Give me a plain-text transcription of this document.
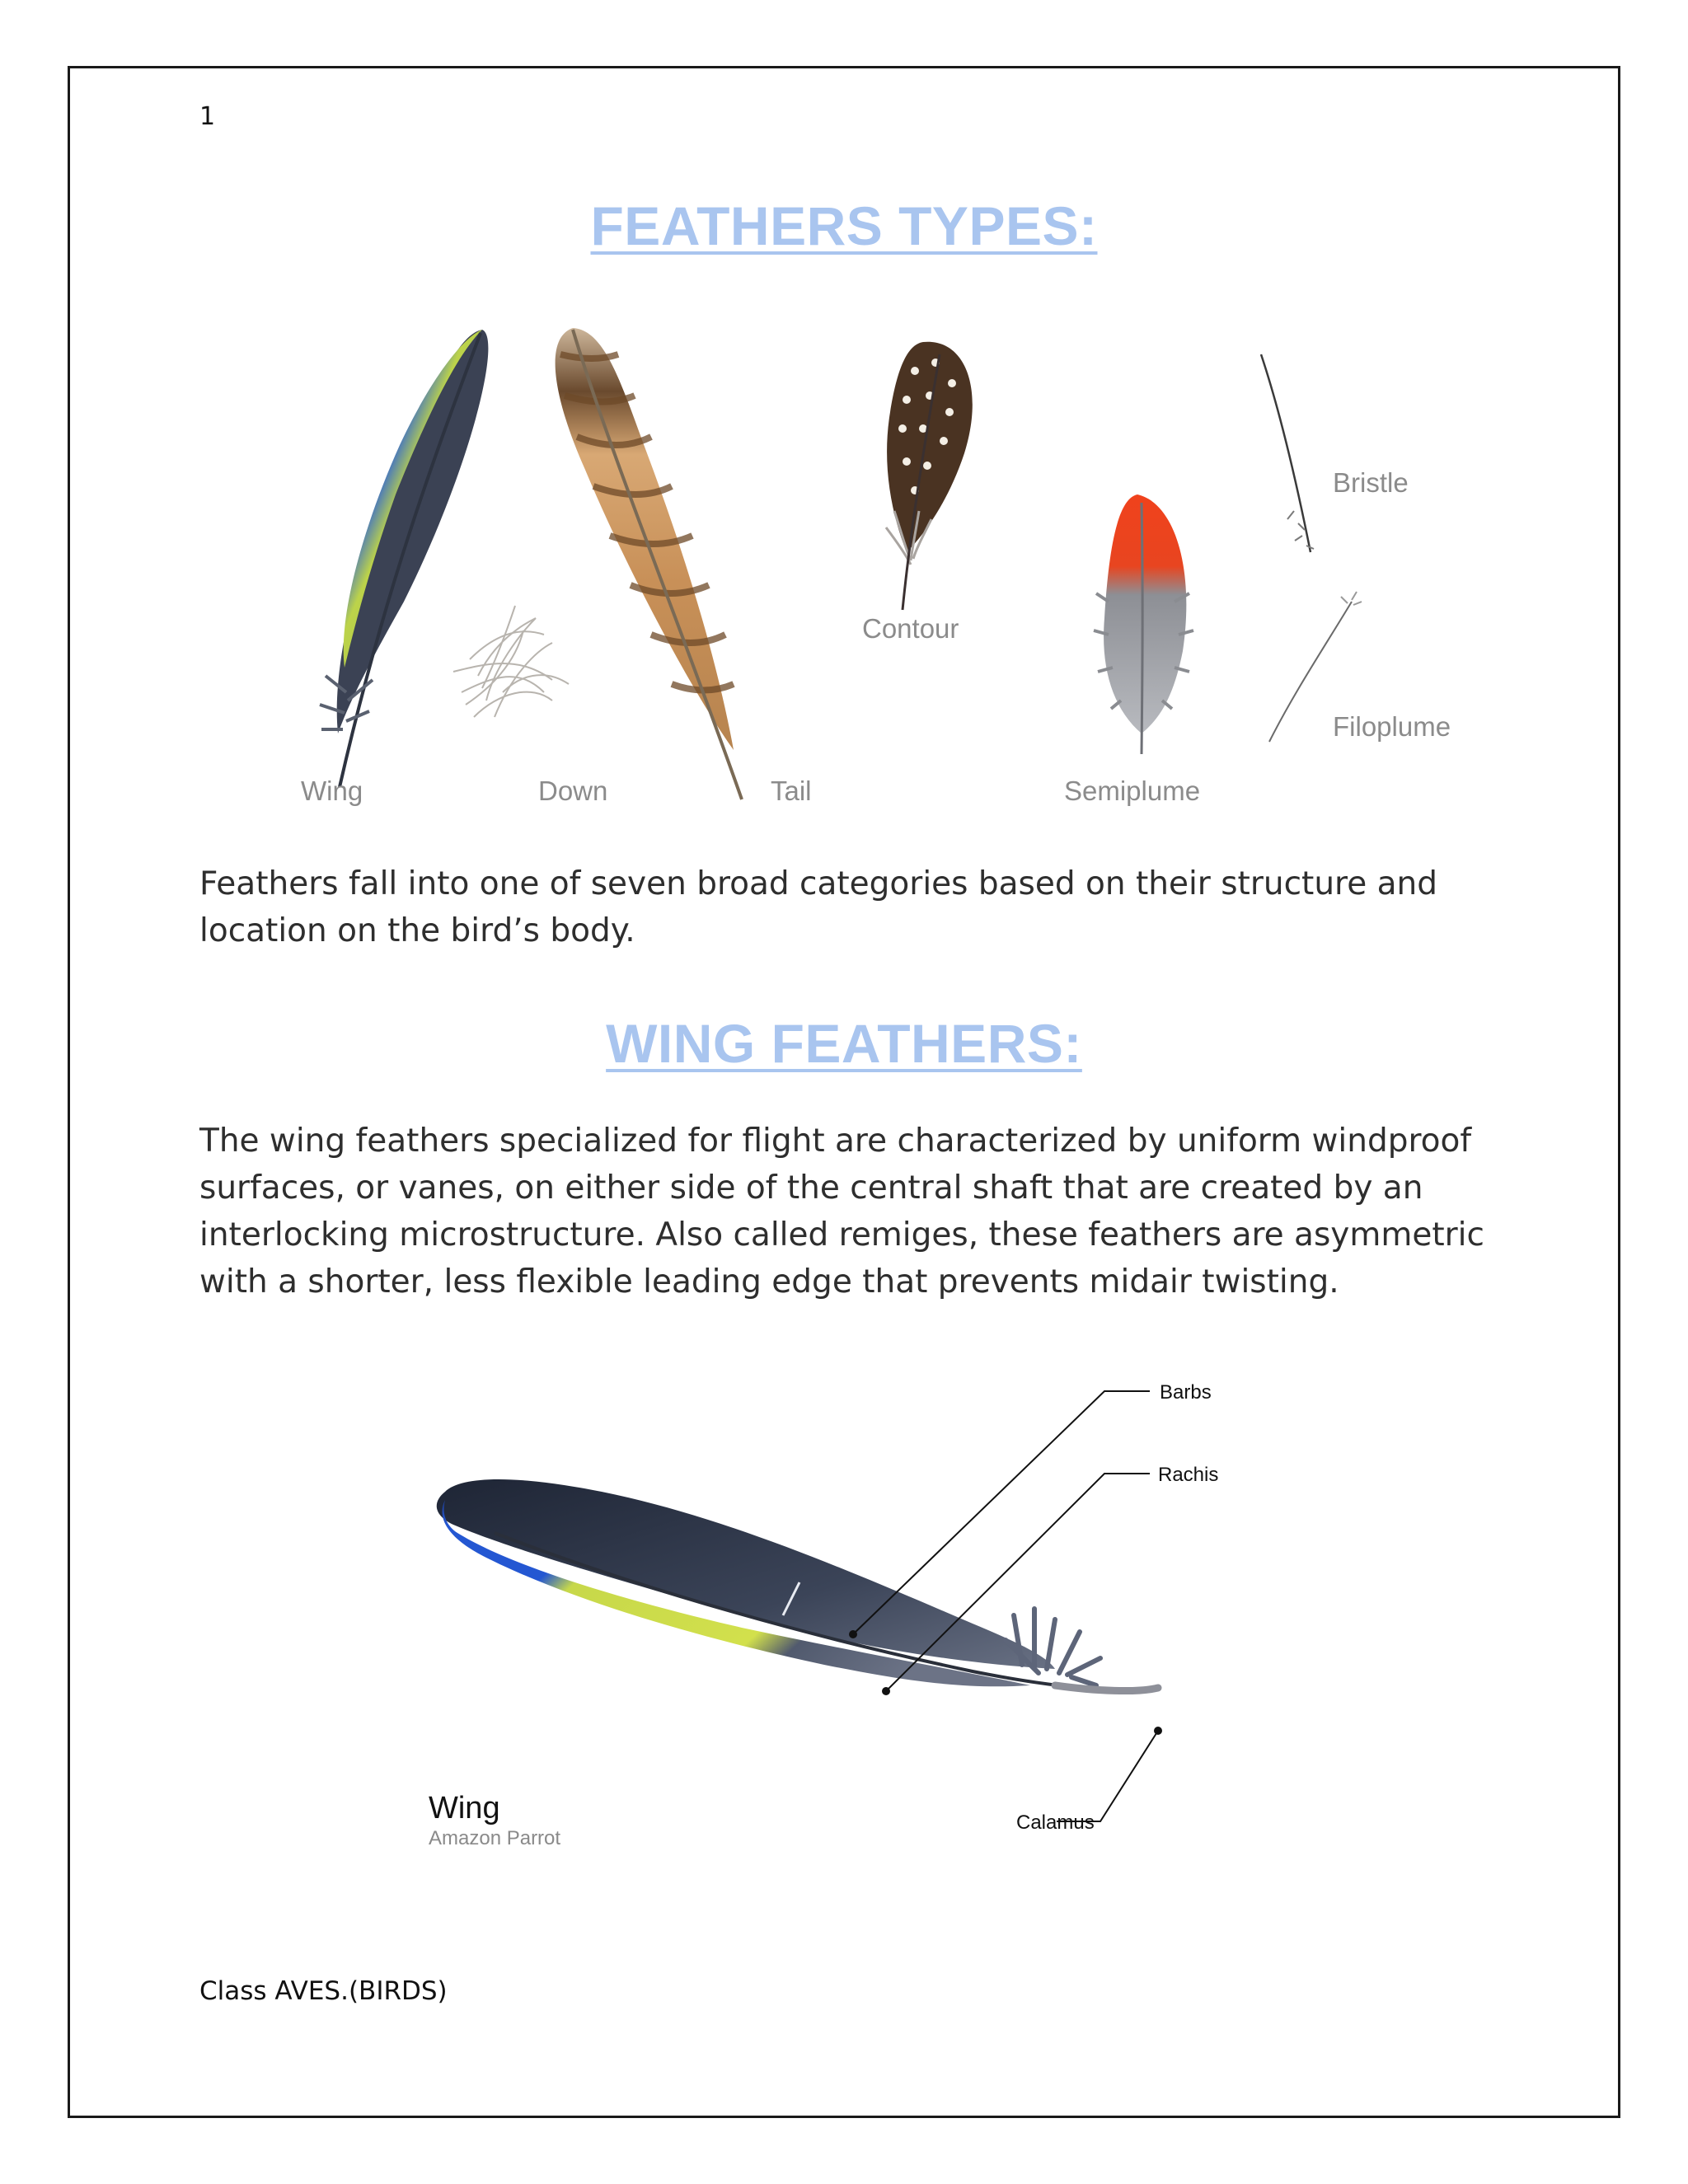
1
FEATHERS TYPES:
Wing	Down	Tail
Contour
Semiplume
Bristle
Filoplume
Feathers fall into one of seven broad categories based on their structure and location on the bird’s body.
WING FEATHERS:
The wing feathers specialized for flight are characterized by uniform windproof surfaces, or vanes, on either side of the central shaft that are created by an interlocking microstructure. Also called remiges, these feathers are asymmetric with a shorter, less flexible leading edge that prevents midair twisting.
Barbs
Rachis
Calamus
Wing
Amazon Parrot
Class AVES.(BIRDS)
